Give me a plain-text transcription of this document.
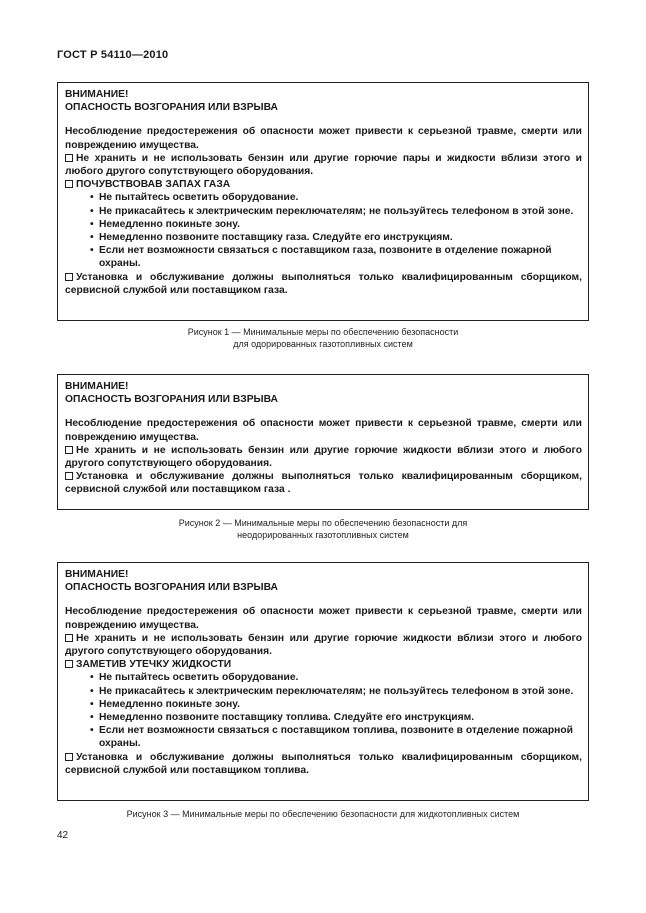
ГОСТ Р 54110—2010

ВНИМАНИЕ!

ОПАСНОСТЬ ВОЗГОРАНИЯ ИЛИ ВЗРЫВА

Несоблюдение предостережения об опасности может привести к серьезной травме, смерти или повреждению имущества.

Не хранить и не использовать бензин или другие горючие пары и жидкости вблизи этого и любого другого сопутствующего оборудования.

ПОЧУВСТВОВАВ ЗАПАХ ГАЗА

• Не пытайтесь осветить оборудование.
• Не прикасайтесь к электрическим переключателям; не пользуйтесь телефоном в этой зоне.
• Немедленно покиньте зону.
• Немедленно позвоните поставщику газа. Следуйте его инструкциям.
• Если нет возможности связаться с поставщиком газа, позвоните в отделение пожарной охраны.

Установка и обслуживание должны выполняться только квалифицированным сборщиком, сервисной службой или поставщиком газа.

Рисунок 1 — Минимальные меры по обеспечению безопасности
для одорированных газотопливных систем

ВНИМАНИЕ!

ОПАСНОСТЬ ВОЗГОРАНИЯ ИЛИ ВЗРЫВА

Несоблюдение предостережения об опасности может привести к серьезной травме, смерти или повреждению имущества.

Не хранить и не использовать бензин или другие горючие жидкости вблизи этого и любого другого сопутствующего оборудования.

Установка и обслуживание должны выполняться только квалифицированным сборщиком, сервисной службой или поставщиком газа .

Рисунок 2 — Минимальные меры по обеспечению безопасности для
неодорированных газотопливных систем

ВНИМАНИЕ!

ОПАСНОСТЬ ВОЗГОРАНИЯ ИЛИ ВЗРЫВА

Несоблюдение предостережения об опасности может привести к серьезной травме, смерти или повреждению имущества.

Не хранить и не использовать бензин или другие горючие жидкости вблизи этого и любого другого сопутствующего оборудования.

ЗАМЕТИВ УТЕЧКУ ЖИДКОСТИ

• Не пытайтесь осветить оборудование.
• Не прикасайтесь к электрическим переключателям; не пользуйтесь телефоном в этой зоне.
• Немедленно покиньте зону.
• Немедленно позвоните поставщику топлива. Следуйте его инструкциям.
• Если нет возможности связаться с поставщиком топлива, позвоните в отделение пожарной охраны.

Установка и обслуживание должны выполняться только квалифицированным сборщиком, сервисной службой или поставщиком топлива.

Рисунок 3 — Минимальные меры по обеспечению безопасности для жидкотопливных систем
42
